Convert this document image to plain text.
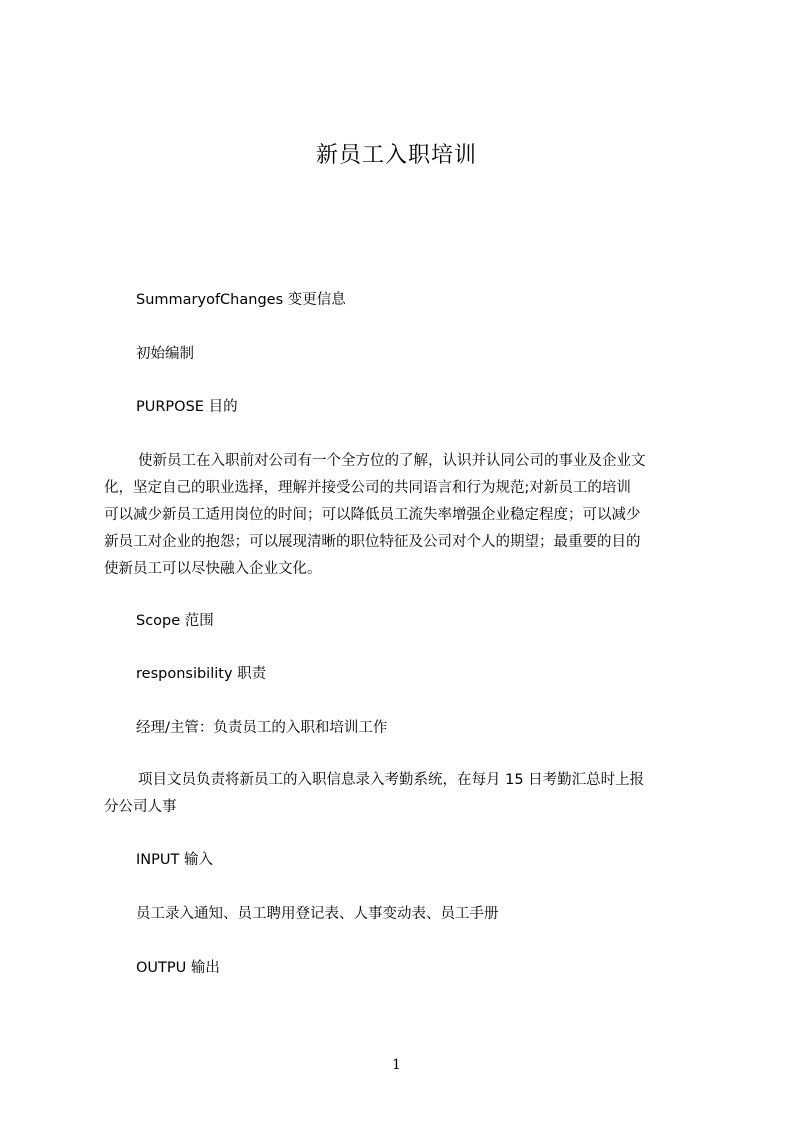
新员工入职培训
SummaryofChanges 变更信息
初始编制
PURPOSE 目的
使新员工在入职前对公司有一个全方位的了解，认识并认同公司的事业及企业文
化，坚定自己的职业选择，理解并接受公司的共同语言和行为规范;对新员工的培训
可以减少新员工适用岗位的时间；可以降低员工流失率增强企业稳定程度；可以减少
新员工对企业的抱怨；可以展现清晰的职位特征及公司对个人的期望；最重要的目的
使新员工可以尽快融入企业文化。
Scope 范围
responsibility 职责
经理/主管：负责员工的入职和培训工作
项目文员负责将新员工的入职信息录入考勤系统，在每月 15 日考勤汇总时上报
分公司人事
INPUT 输入
员工录入通知、员工聘用登记表、人事变动表、员工手册
OUTPU 输出
1
